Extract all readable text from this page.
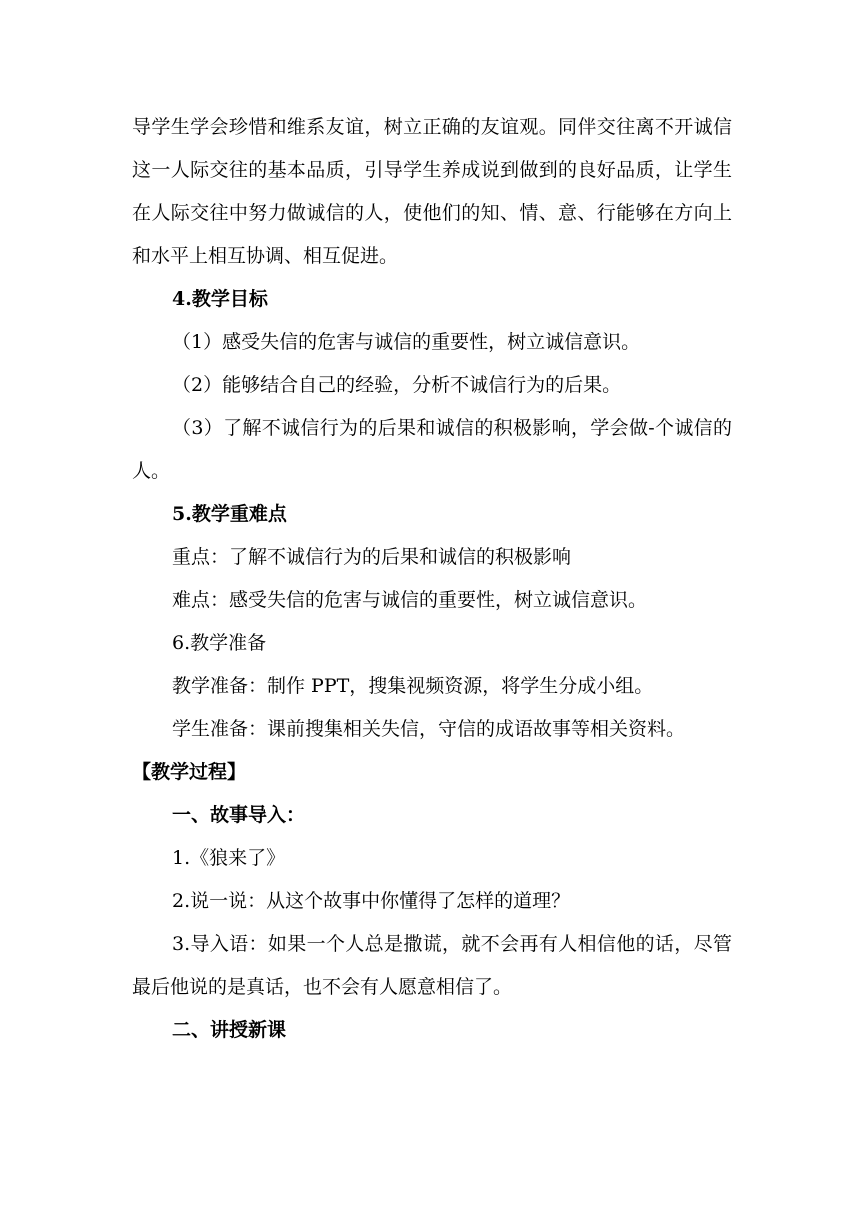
导学生学会珍惜和维系友谊，树立正确的友谊观。同伴交往离不开诚信这一人际交往的基本品质，引导学生养成说到做到的良好品质，让学生在人际交往中努力做诚信的人，使他们的知、情、意、行能够在方向上和水平上相互协调、相互促进。

4.教学目标

（1）感受失信的危害与诚信的重要性，树立诚信意识。

（2）能够结合自己的经验，分析不诚信行为的后果。

（3）了解不诚信行为的后果和诚信的积极影响，学会做-个诚信的人。

5.教学重难点

重点：了解不诚信行为的后果和诚信的积极影响

难点：感受失信的危害与诚信的重要性，树立诚信意识。

6.教学准备

教学准备：制作 PPT，搜集视频资源，将学生分成小组。

学生准备：课前搜集相关失信，守信的成语故事等相关资料。

【教学过程】

一、故事导入：

1.《狼来了》

2.说一说：从这个故事中你懂得了怎样的道理？

3.导入语：如果一个人总是撒谎，就不会再有人相信他的话，尽管最后他说的是真话，也不会有人愿意相信了。

二、讲授新课
